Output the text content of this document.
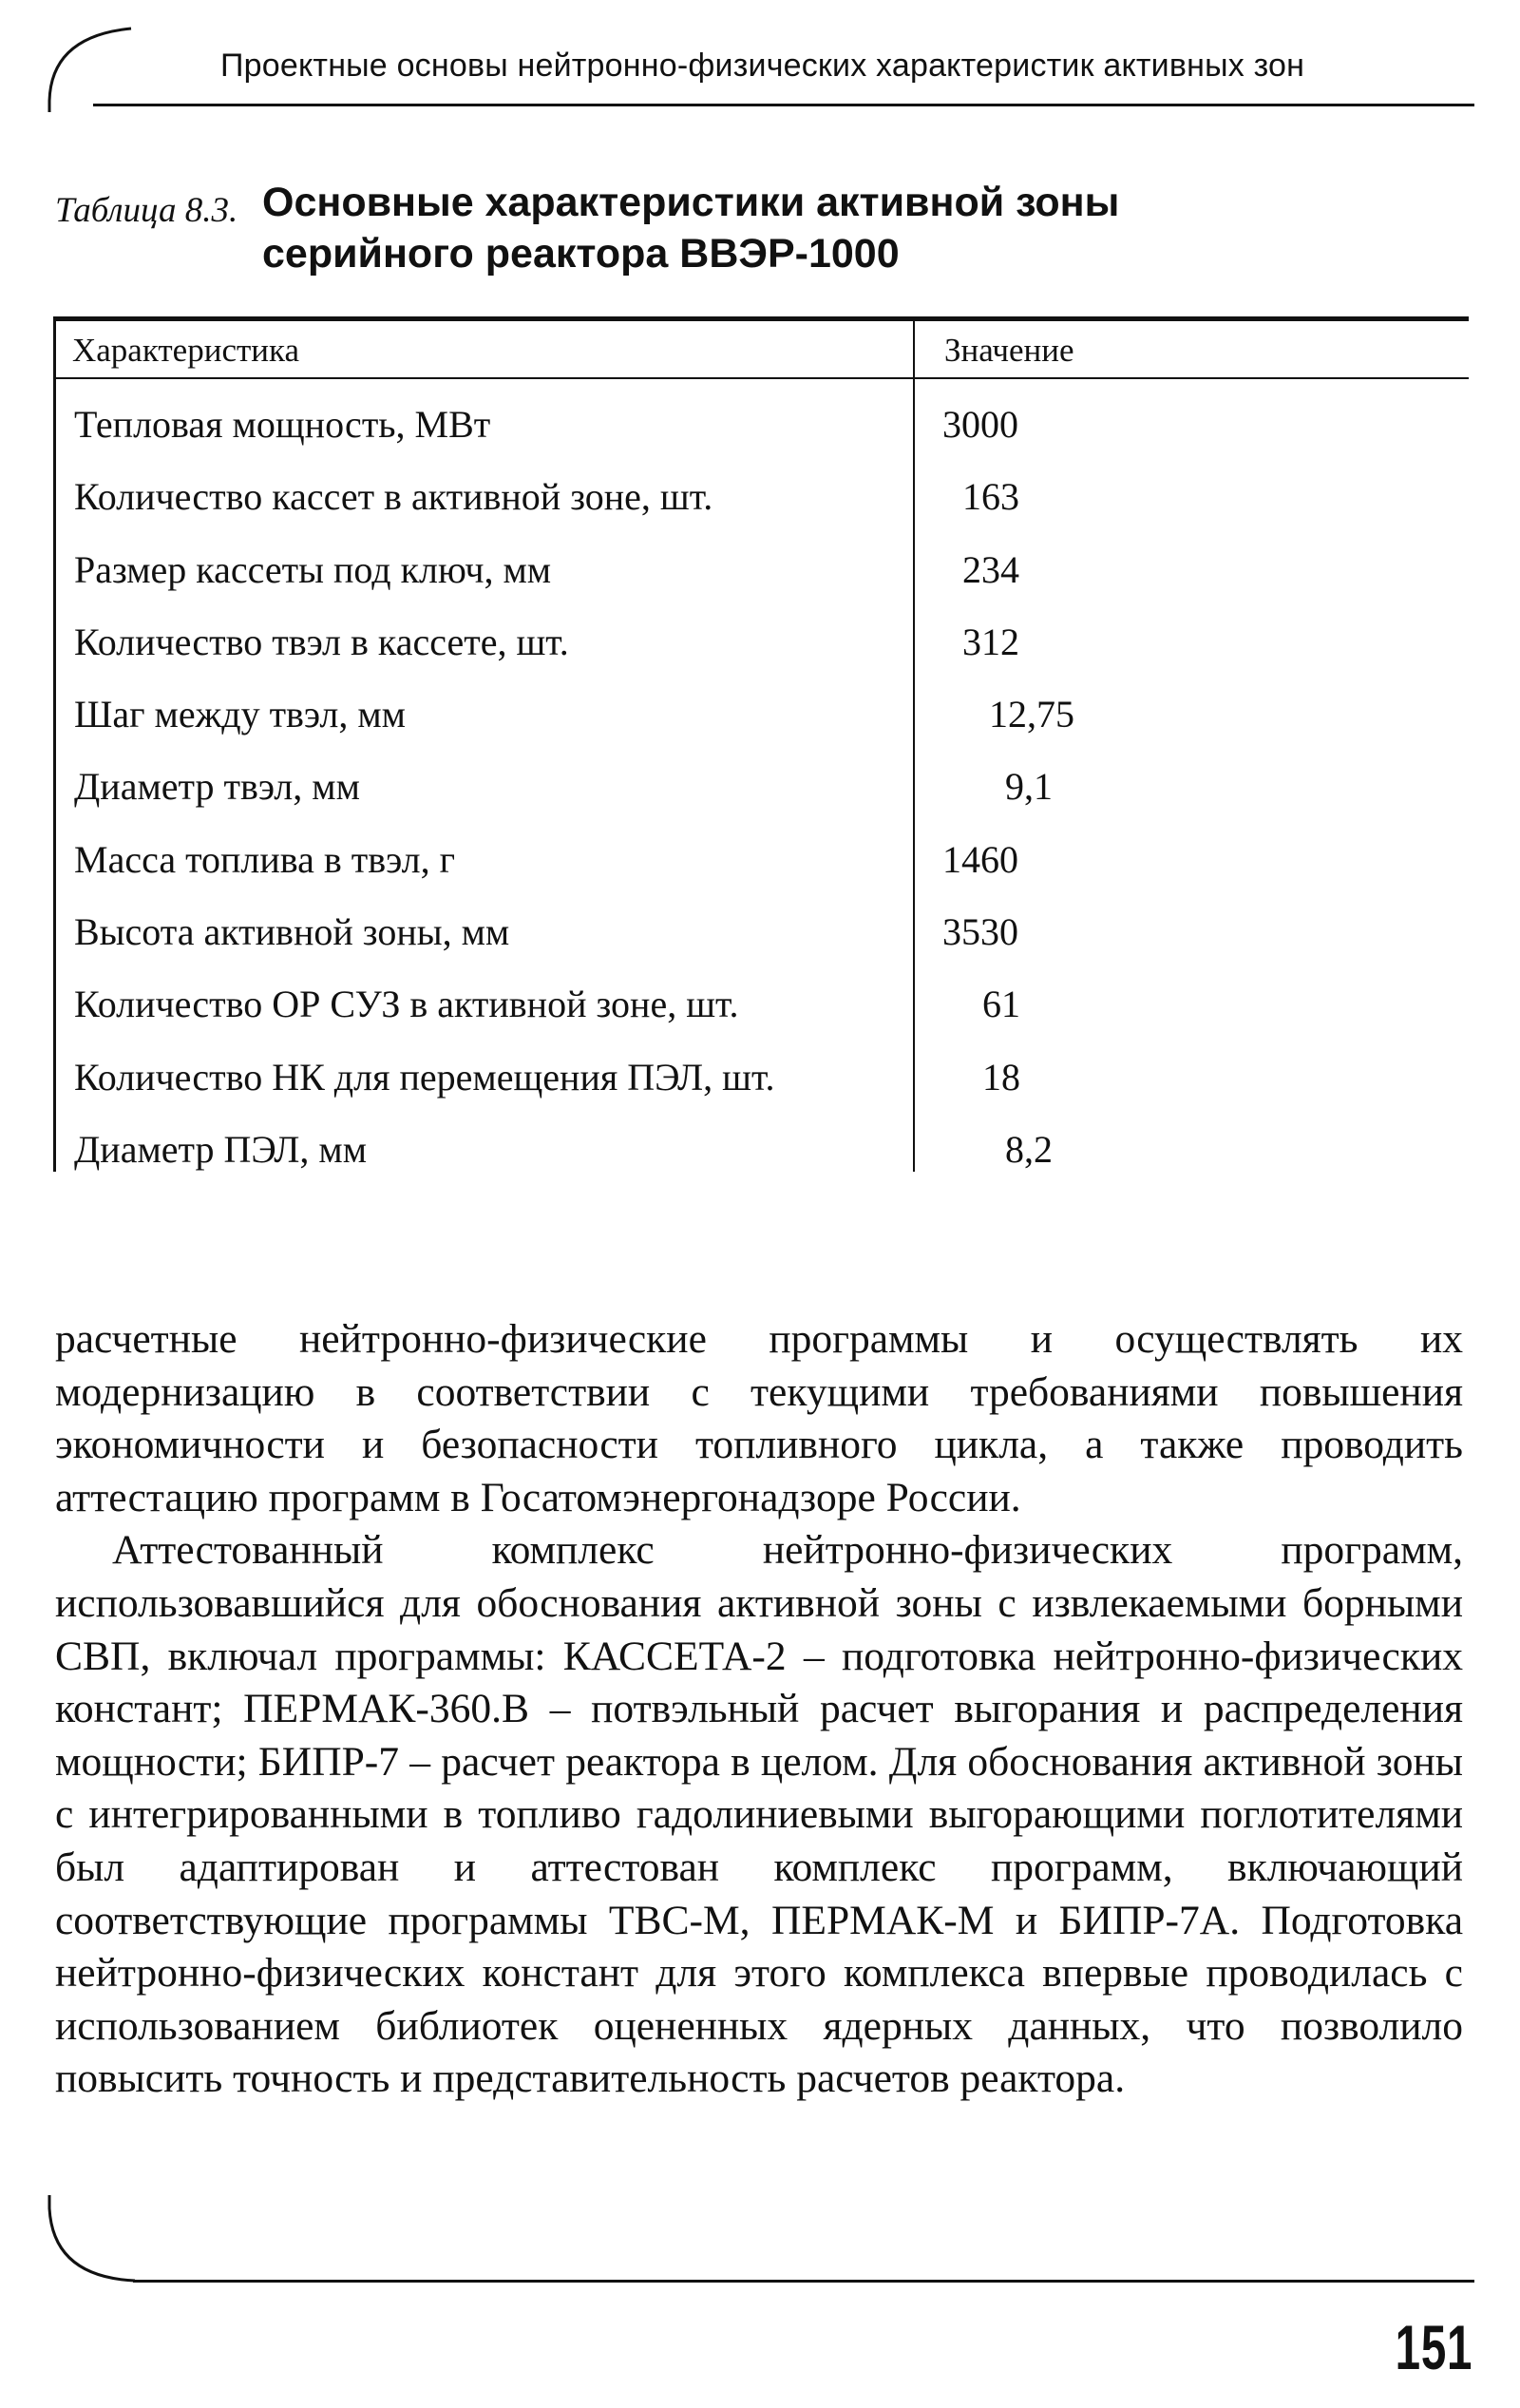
Проектные основы нейтронно-физических характеристик активных зон
Таблица 8.3. Основные характеристики активной зоны
серийного реактора ВВЭР-1000
Характеристика	Значение
Тепловая мощность, МВт	3000
Количество кассет в активной зоне, шт.	163
Размер кассеты под ключ, мм	234
Количество твэл в кассете, шт.	312
Шаг между твэл, мм	12,75
Диаметр твэл, мм	9,1
Масса топлива в твэл, г	1460
Высота активной зоны, мм	3530
Количество ОР СУЗ в активной зоне, шт.	61
Количество НК для перемещения ПЭЛ, шт.	18
Диаметр ПЭЛ, мм	8,2

расчетные нейтронно-физические программы и осуществлять их модернизацию в соответствии с текущими требованиями повышения экономичности и безопасности топливного цикла, а также проводить аттестацию программ в Госатомэнергонадзоре России.

Аттестованный комплекс нейтронно-физических программ, использовавшийся для обоснования активной зоны с извлекаемыми борными СВП, включал программы: КАССЕТА-2 – подготовка нейтронно-физических констант; ПЕРМАК-360.В – потвэльный расчет выгорания и распределения мощности; БИПР-7 – расчет реактора в целом. Для обоснования активной зоны с интегрированными в топливо гадолиниевыми выгорающими поглотителями был адаптирован и аттестован комплекс программ, включающий соответствующие программы ТВС-М, ПЕРМАК-М и БИПР-7А. Подготовка нейтронно-физических констант для этого комплекса впервые проводилась с использованием библиотек оцененных ядерных данных, что позволило повысить точность и представительность расчетов реактора.

151
